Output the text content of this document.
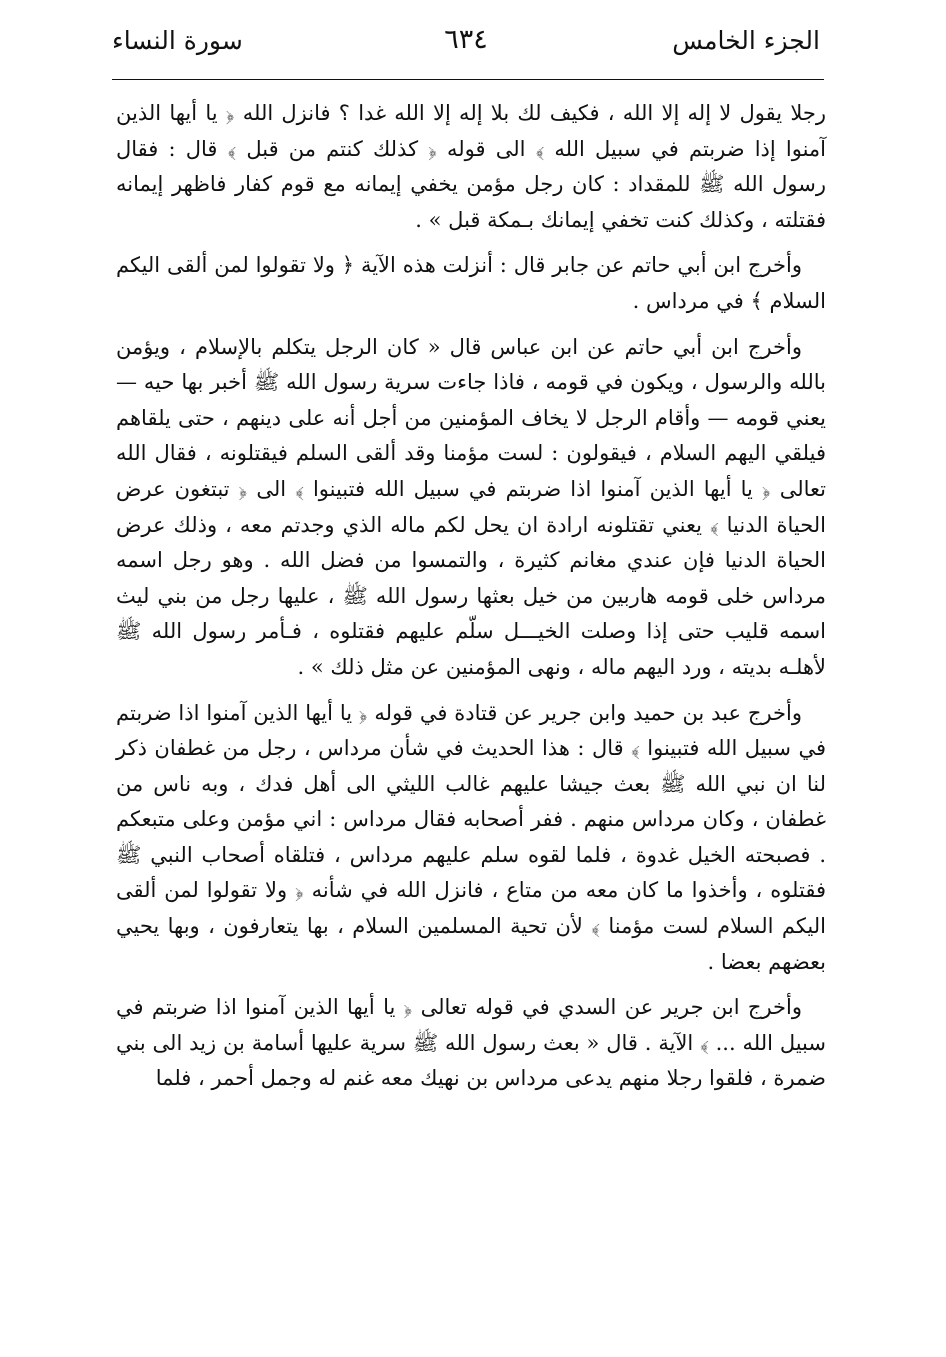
الجزء الخامس
٦٣٤
سورة النساء

رجلا يقول لا إله إلا الله ، فكيف لك بلا إله إلا الله غدا ؟ فانزل الله ﴿ يا أيها الذين آمنوا إذا ضربتم في سبيل الله ﴾ الى قوله ﴿ كذلك كنتم من قبل ﴾ قال : فقال رسول الله ﷺ للمقداد : كان رجل مؤمن يخفي إيمانه مع قوم كفار فاظهر إيمانه فقتلته ، وكذلك كنت تخفي إيمانك بـمكة قبل » .

وأخرج ابن أبي حاتم عن جابر قال : أنزلت هذه الآية ﴿ ولا تقولوا لمن ألقى اليكم السلام ﴾ في مرداس .

وأخرج ابن أبي حاتم عن ابن عباس قال « كان الرجل يتكلم بالإسلام ، ويؤمن بالله والرسول ، ويكون في قومه ، فاذا جاءت سرية رسول الله ﷺ أخبر بها حيه — يعني قومه — وأقام الرجل لا يخاف المؤمنين من أجل أنه على دينهم ، حتى يلقاهم فيلقي اليهم السلام ، فيقولون : لست مؤمنا وقد ألقى السلم فيقتلونه ، فقال الله تعالى ﴿ يا أيها الذين آمنوا اذا ضربتم في سبيل الله فتبينوا ﴾ الى ﴿ تبتغون عرض الحياة الدنيا ﴾ يعني تقتلونه ارادة ان يحل لكم ماله الذي وجدتم معه ، وذلك عرض الحياة الدنيا فإن عندي مغانم كثيرة ، والتمسوا من فضل الله . وهو رجل اسمه مرداس خلى قومه هاربين من خيل بعثها رسول الله ﷺ ، عليها رجل من بني ليث اسمه قليب حتى إذا وصلت الخيـــل سلّم عليهم فقتلوه ، فـأمر رسول الله ﷺ لأهلـه بديته ، ورد اليهم ماله ، ونهى المؤمنين عن مثل ذلك » .

وأخرج عبد بن حميد وابن جرير عن قتادة في قوله ﴿ يا أيها الذين آمنوا اذا ضربتم في سبيل الله فتبينوا ﴾ قال : هذا الحديث في شأن مرداس ، رجل من غطفان ذكر لنا ان نبي الله ﷺ بعث جيشا عليهم غالب الليثي الى أهل فدك ، وبه ناس من غطفان ، وكان مرداس منهم . ففر أصحابه فقال مرداس : اني مؤمن وعلى متبعكم . فصبحته الخيل غدوة ، فلما لقوه سلم عليهم مرداس ، فتلقاه أصحاب النبي ﷺ فقتلوه ، وأخذوا ما كان معه من متاع ، فانزل الله في شأنه ﴿ ولا تقولوا لمن ألقى اليكم السلام لست مؤمنا ﴾ لأن تحية المسلمين السلام ، بها يتعارفون ، وبها يحيي بعضهم بعضا .

وأخرج ابن جرير عن السدي في قوله تعالى ﴿ يا أيها الذين آمنوا اذا ضربتم في سبيل الله ... ﴾ الآية . قال « بعث رسول الله ﷺ سرية عليها أسامة بن زيد الى بني ضمرة ، فلقوا رجلا منهم يدعى مرداس بن نهيك معه غنم له وجمل أحمر ، فلما
